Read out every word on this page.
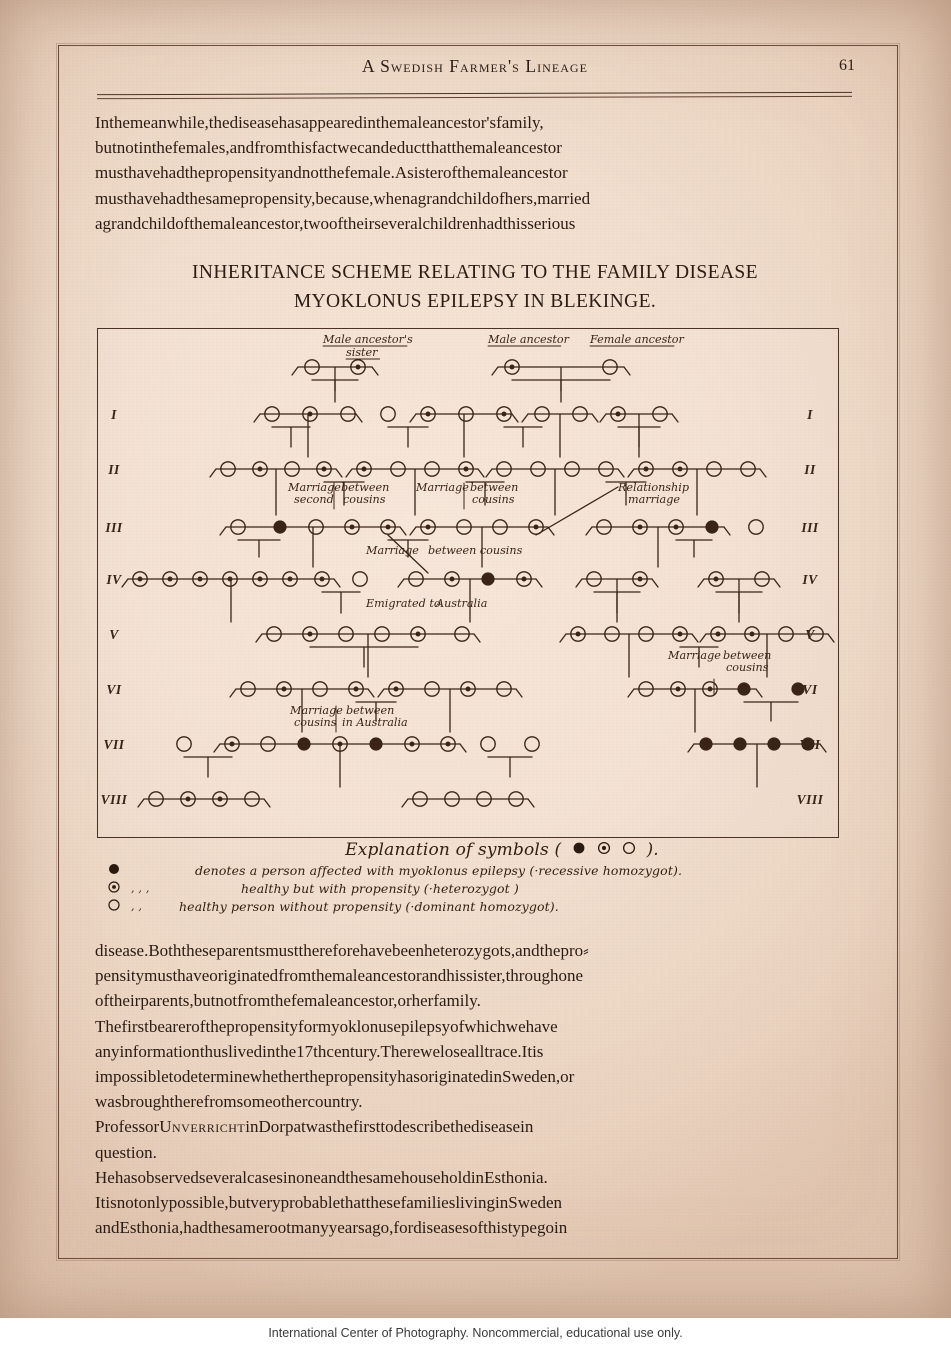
A Swedish Farmer's Lineage	61
Inthemeanwhile,thediseasehasappearedinthemaleancestor'sfamily,
butnotinthefemales,andfromthisfactwecandeductthatthemaleancestor
musthavehadthepropensityandnotthefemale.Asisterofthemaleancestor
musthavehadthesamepropensity,because,whenagrandchildofhers,married
agrandchildofthemaleancestor,twooftheirseveralchildrenhadthisserious
INHERITANCE SCHEME RELATING TO THE FAMILY DISEASE
MYOKLONUS EPILEPSY IN BLEKINGE.
I	I
II	II
III	III
IV	IV
V	V
VI	VI
VII	VII
VIII	VIII
Male ancestor's
sister
Male ancestor Female ancestor
Marriage between
second cousins
Marriage between
cousins
Relationship
marriage
Marriage between cousins
Emigrated to
Australia
Marriage between
cousins
Marriage between
cousins in Australia
Explanation of symbols (	).
denotes a person affected with myoklonus epilepsy (·recessive homozygot).
, , ,	healthy but with propensity (·heterozygot )
, ,	healthy person without propensity (·dominant homozygot).
International Center of Photography. Noncommercial, educational use only.
disease.Boththeseparentsmustthereforehavebeenheterozygots,andthepro⸗
pensitymusthaveoriginatedfromthemaleancestorandhissister,throughone
oftheirparents,butnotfromthefemaleancestor,orherfamily.
Thefirstbearerofthepropensityformyoklonusepilepsyofwhichwehave
anyinformationthuslivedinthe17thcentury.Therewelosealltrace.Itis
impossibletodeterminewhetherthepropensityhasoriginatedinSweden,or
wasbroughtherefromsomeothercountry.
ProfessorUnverrichtinDorpatwasthefirsttodescribethediseasein
question.
HehasobservedseveralcasesinoneandthesamehouseholdinEsthonia.
Itisnotonlypossible,butveryprobablethatthesefamilieslivinginSweden
andEsthonia,hadthesamerootmanyyearsago,fordiseasesofthistypegoin
